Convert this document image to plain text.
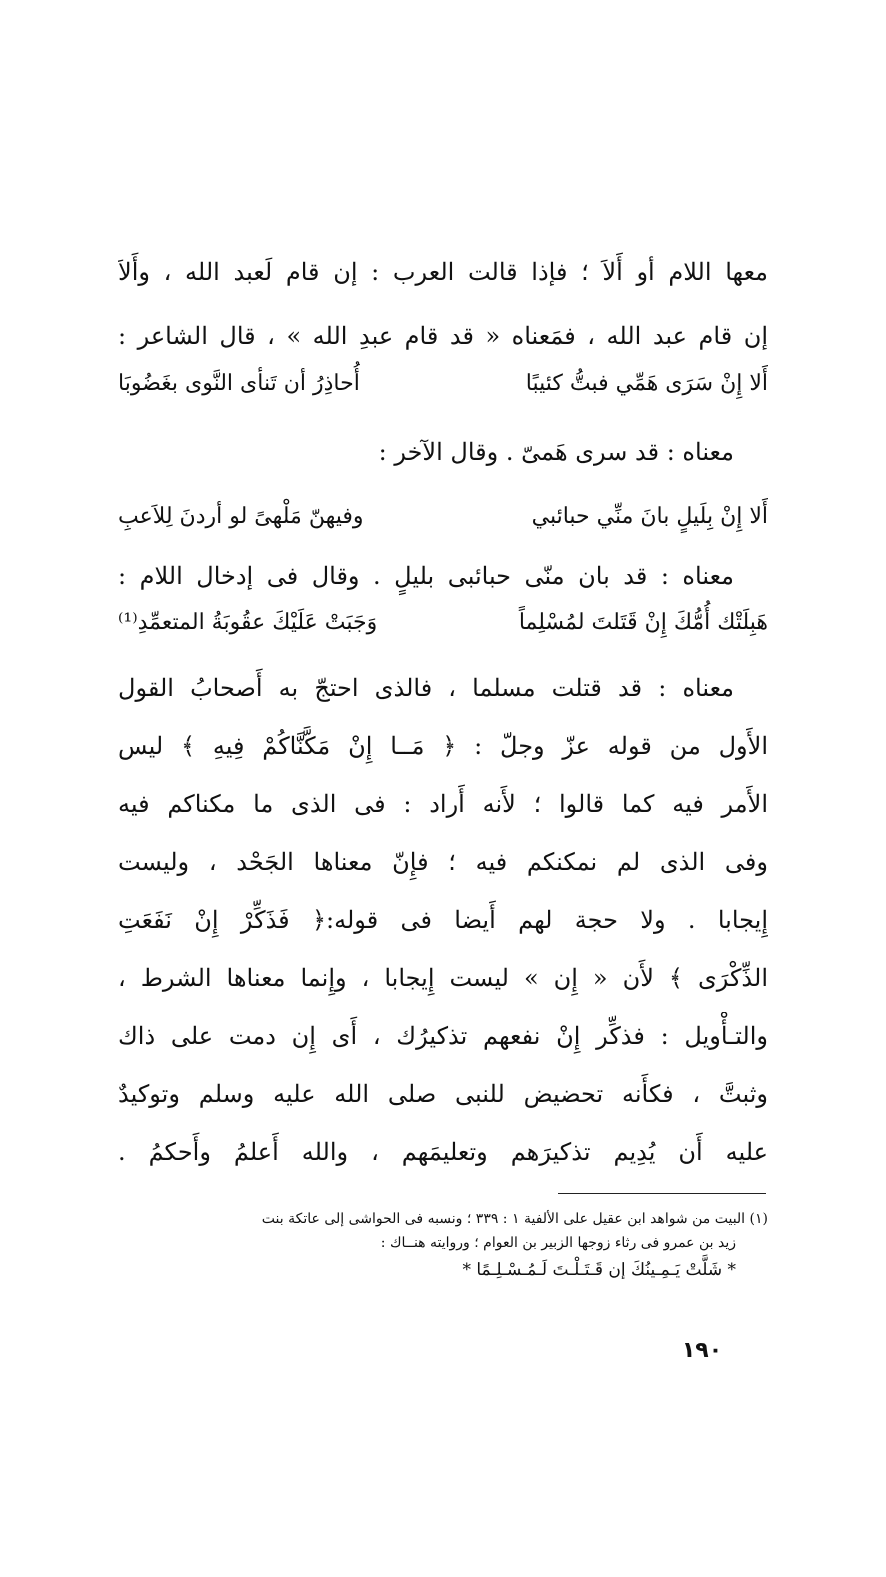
معها اللام أو أَلاَ ؛ فإذا قالت العرب : إن قام لَعبد الله ، وأَلاَ
إن قام عبد الله ، فمَعناه « قد قام عبدِ الله » ، قال الشاعر :
أَلا إِنْ سَرَى هَمِّي فبتُّ كئيبًا
أُحاذِرُ أن تَنأى النَّوى بغَضُوبَا
معناه : قد سرى هَمىّ . وقال الآخر :
أَلا إِنْ بِلَيلٍ بانَ منِّي حبائبي
وفيهنّ مَلْهىً لو أردنَ لِلاَعبِ
معناه : قد بان منّى حبائبى بليلٍ . وقال فى إدخال اللام :
هَبِلَتْك أُمُّكَ إِنْ قَتَلتَ لمُسْلِماً
وَجَبَتْ عَلَيْكَ عقُوبَةُ المتعمِّدِ⁽¹⁾
معناه : قد قتلت مسلما ، فالذى احتجّ به أَصحابُ القول
الأَول من قوله عزّ وجلّ : ﴿ مَــا إِنْ مَكَّنَّاكُمْ فِيهِ ﴾ ليس
الأَمر فيه كما قالوا ؛ لأَنه أَراد : فى الذى ما مكناكم فيه
وفى الذى لم نمكنكم فيه ؛ فإِنّ معناها الجَحْد ، وليست
إِيجابا . ولا حجة لهم أَيضا فى قوله:﴿ فَذَكِّرْ إِنْ نَفَعَتِ
الذِّكْرَى ﴾ لأَن « إِن » ليست إِيجابا ، وإِنما معناها الشرط ،
والتـأْويل : فذكِّر إِنْ نفعهم تذكيرُك ، أَى إِن دمت على ذاك
وثبتَّ ، فكأَنه تحضيض للنبى صلى الله عليه وسلم وتوكيدٌ
عليه أَن يُدِيم تذكيرَهم وتعليمَهم ، والله أَعلمُ وأَحكمُ .
(١) البيت من شواهد ابن عقيل على الألفية ١ : ٣٣٩ ؛ ونسبه فى الحواشى إلى عاتكة بنت
زيد بن عمرو فى رثاء زوجها الزبير بن العوام ؛ وروايته هنــاك :
* شَلَّتْ يَـمِـينُكَ إن قَـتَـلْـتَ لَـمُـسْـلِـمًا *
١٩٠
